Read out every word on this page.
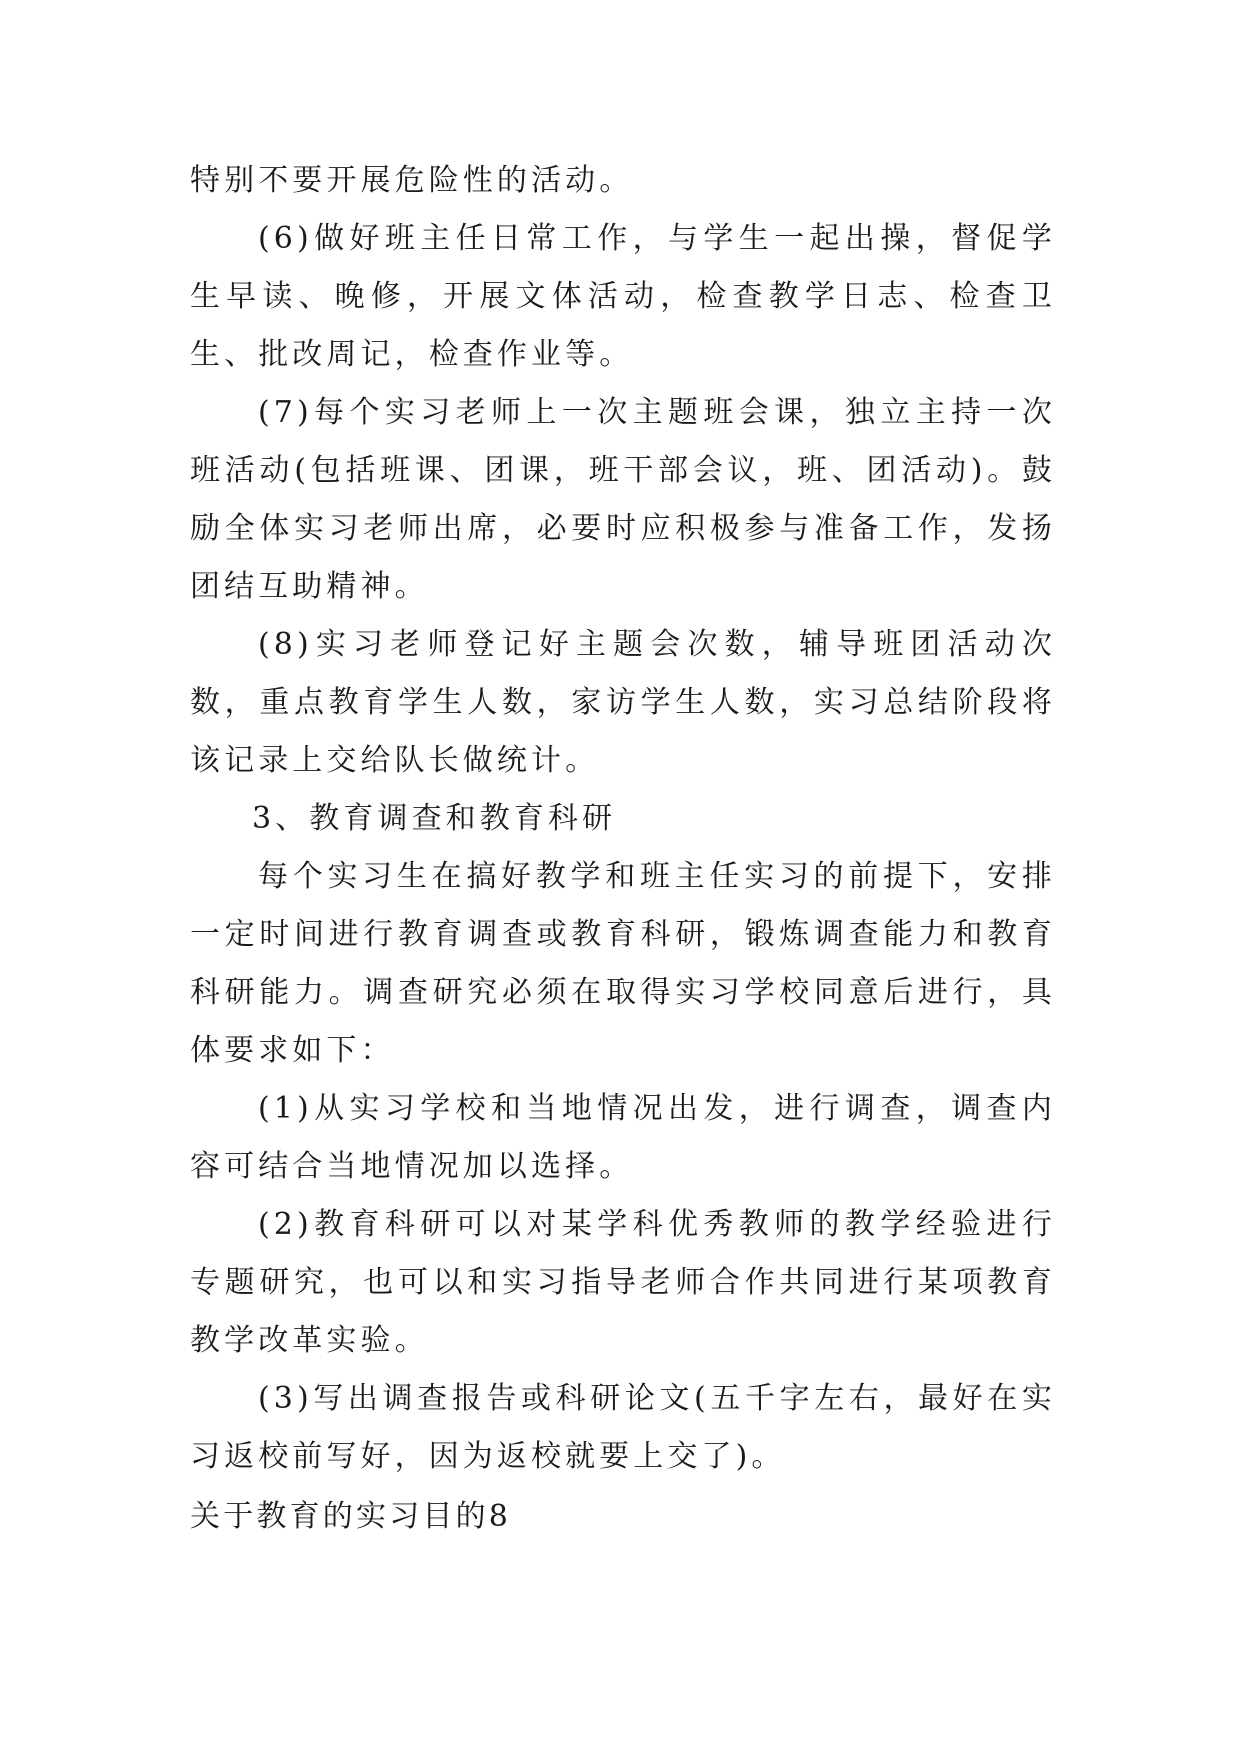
特别不要开展危险性的活动。

(6)做好班主任日常工作，与学生一起出操，督促学生早读、晚修，开展文体活动，检查教学日志、检查卫生、批改周记，检查作业等。

(7)每个实习老师上一次主题班会课，独立主持一次班活动(包括班课、团课，班干部会议，班、团活动)。鼓励全体实习老师出席，必要时应积极参与准备工作，发扬团结互助精神。

(8)实习老师登记好主题会次数，辅导班团活动次数，重点教育学生人数，家访学生人数，实习总结阶段将该记录上交给队长做统计。

3、教育调查和教育科研

每个实习生在搞好教学和班主任实习的前提下，安排一定时间进行教育调查或教育科研，锻炼调查能力和教育科研能力。调查研究必须在取得实习学校同意后进行，具体要求如下：

(1)从实习学校和当地情况出发，进行调查，调查内容可结合当地情况加以选择。

(2)教育科研可以对某学科优秀教师的教学经验进行专题研究，也可以和实习指导老师合作共同进行某项教育教学改革实验。

(3)写出调查报告或科研论文(五千字左右，最好在实习返校前写好，因为返校就要上交了)。

关于教育的实习目的8
